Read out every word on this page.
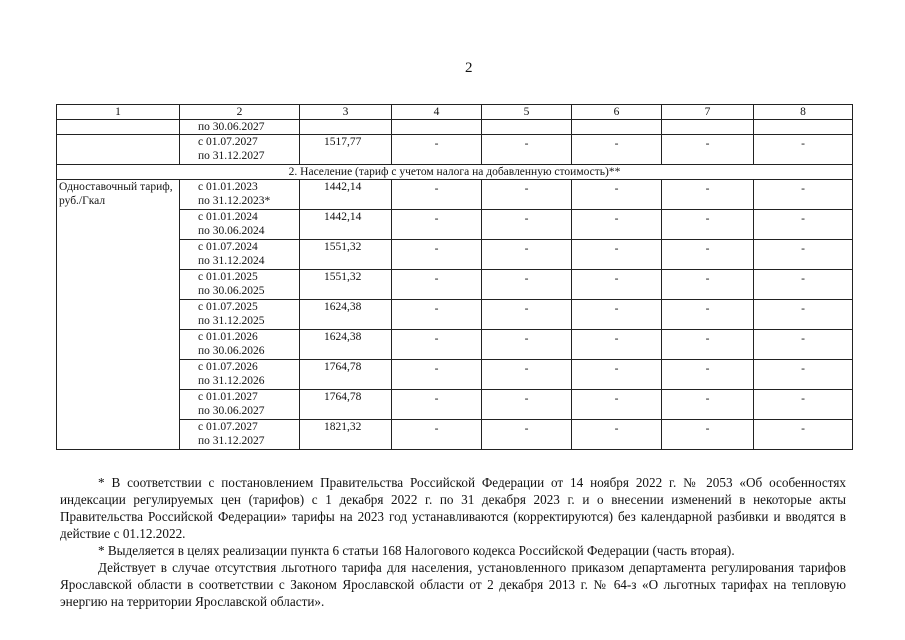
2
1	2	3	4	5	6	7	8

	по 30.06.2027						

	с 01.07.2027
по 31.12.2027	1517,77	-	-	-	-	-
2. Население (тариф с учетом налога на добавленную стоимость)**							
Одноставочный тариф, руб./Гкал	с 01.01.2023
по 31.12.2023*	1442,14	-	-	-	-	-

	с 01.01.2024
по 30.06.2024	1442,14	-	-	-	-	-

	с 01.07.2024
по 31.12.2024	1551,32	-	-	-	-	-

	с 01.01.2025
по 30.06.2025	1551,32	-	-	-	-	-

	с 01.07.2025
по 31.12.2025	1624,38	-	-	-	-	-

	с 01.01.2026
по 30.06.2026	1624,38	-	-	-	-	-

	с 01.07.2026
по 31.12.2026	1764,78	-	-	-	-	-

	с 01.01.2027
по 30.06.2027	1764,78	-	-	-	-	-

	с 01.07.2027
по 31.12.2027	1821,32	-	-	-	-	-

* В соответствии с постановлением Правительства Российской Федерации от 14 ноября 2022 г. № 2053 «Об особенностях индексации регулируемых цен (тарифов) с 1 декабря 2022 г. по 31 декабря 2023 г. и о внесении изменений в некоторые акты Правительства Российской Федерации» тарифы на 2023 год устанавливаются (корректируются) без календарной разбивки и вводятся в действие с 01.12.2022.

* Выделяется в целях реализации пункта 6 статьи 168 Налогового кодекса Российской Федерации (часть вторая).

Действует в случае отсутствия льготного тарифа для населения, установленного приказом департамента регулирования тарифов Ярославской области в соответствии с Законом Ярославской области от 2 декабря 2013 г. № 64-з «О льготных тарифах на тепловую энергию на территории Ярославской области».
